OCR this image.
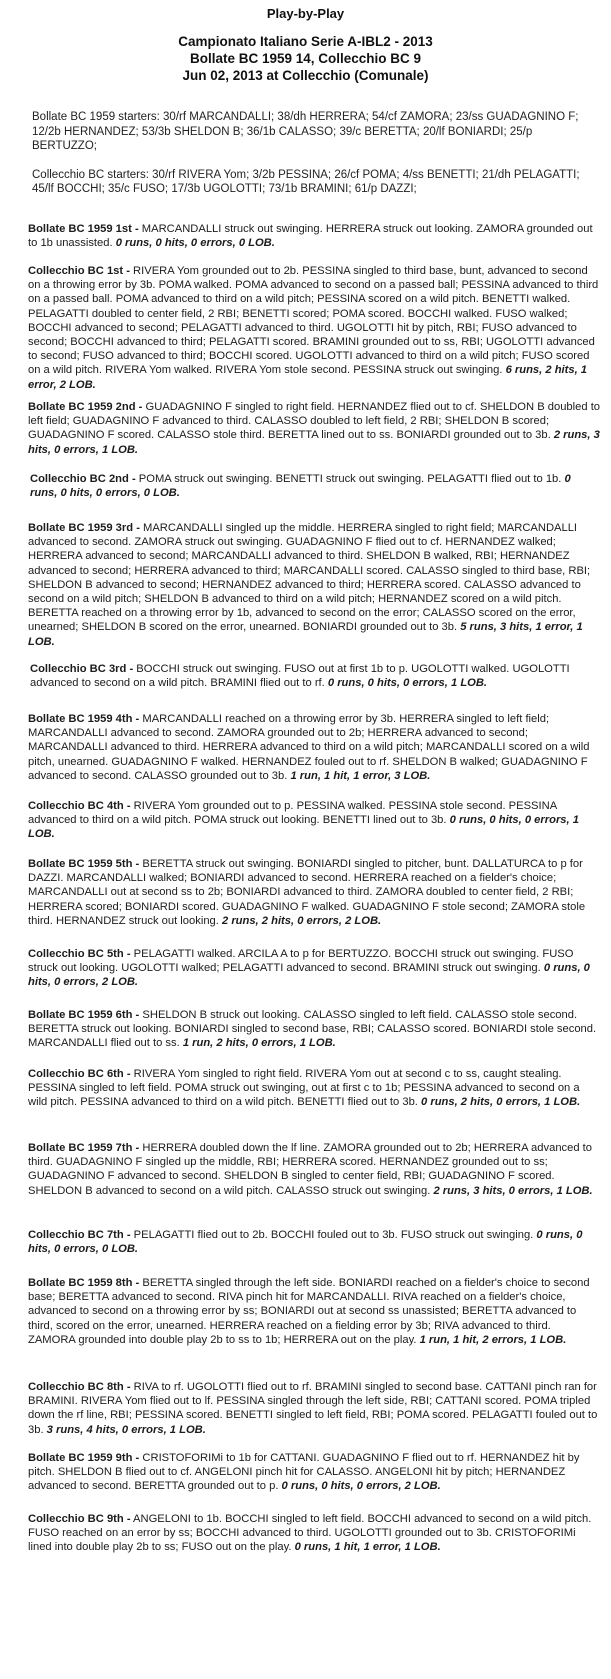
Play-by-Play
Campionato Italiano Serie A-IBL2 - 2013
Bollate BC 1959 14, Collecchio BC 9
Jun 02, 2013 at Collecchio (Comunale)
Bollate BC 1959 starters: 30/rf MARCANDALLI; 38/dh HERRERA; 54/cf ZAMORA; 23/ss GUADAGNINO F; 12/2b HERNANDEZ; 53/3b SHELDON B; 36/1b CALASSO; 39/c BERETTA; 20/lf BONIARDI; 25/p BERTUZZO;
Collecchio BC starters: 30/rf RIVERA Yom; 3/2b PESSINA; 26/cf POMA; 4/ss BENETTI; 21/dh PELAGATTI; 45/lf BOCCHI; 35/c FUSO; 17/3b UGOLOTTI; 73/1b BRAMINI; 61/p DAZZI;
Bollate BC 1959 1st - MARCANDALLI struck out swinging. HERRERA struck out looking. ZAMORA grounded out to 1b unassisted. 0 runs, 0 hits, 0 errors, 0 LOB.
Collecchio BC 1st - RIVERA Yom grounded out to 2b. PESSINA singled to third base, bunt, advanced to second on a throwing error by 3b. POMA walked. POMA advanced to second on a passed ball; PESSINA advanced to third on a passed ball. POMA advanced to third on a wild pitch; PESSINA scored on a wild pitch. BENETTI walked. PELAGATTI doubled to center field, 2 RBI; BENETTI scored; POMA scored. BOCCHI walked. FUSO walked; BOCCHI advanced to second; PELAGATTI advanced to third. UGOLOTTI hit by pitch, RBI; FUSO advanced to second; BOCCHI advanced to third; PELAGATTI scored. BRAMINI grounded out to ss, RBI; UGOLOTTI advanced to second; FUSO advanced to third; BOCCHI scored. UGOLOTTI advanced to third on a wild pitch; FUSO scored on a wild pitch. RIVERA Yom walked. RIVERA Yom stole second. PESSINA struck out swinging. 6 runs, 2 hits, 1 error, 2 LOB.
Bollate BC 1959 2nd - GUADAGNINO F singled to right field. HERNANDEZ flied out to cf. SHELDON B doubled to left field; GUADAGNINO F advanced to third. CALASSO doubled to left field, 2 RBI; SHELDON B scored; GUADAGNINO F scored. CALASSO stole third. BERETTA lined out to ss. BONIARDI grounded out to 3b. 2 runs, 3 hits, 0 errors, 1 LOB.
Collecchio BC 2nd - POMA struck out swinging. BENETTI struck out swinging. PELAGATTI flied out to 1b. 0 runs, 0 hits, 0 errors, 0 LOB.
Bollate BC 1959 3rd - MARCANDALLI singled up the middle. HERRERA singled to right field; MARCANDALLI advanced to second. ZAMORA struck out swinging. GUADAGNINO F flied out to cf. HERNANDEZ walked; HERRERA advanced to second; MARCANDALLI advanced to third. SHELDON B walked, RBI; HERNANDEZ advanced to second; HERRERA advanced to third; MARCANDALLI scored. CALASSO singled to third base, RBI; SHELDON B advanced to second; HERNANDEZ advanced to third; HERRERA scored. CALASSO advanced to second on a wild pitch; SHELDON B advanced to third on a wild pitch; HERNANDEZ scored on a wild pitch. BERETTA reached on a throwing error by 1b, advanced to second on the error; CALASSO scored on the error, unearned; SHELDON B scored on the error, unearned. BONIARDI grounded out to 3b. 5 runs, 3 hits, 1 error, 1 LOB.
Collecchio BC 3rd - BOCCHI struck out swinging. FUSO out at first 1b to p. UGOLOTTI walked. UGOLOTTI advanced to second on a wild pitch. BRAMINI flied out to rf. 0 runs, 0 hits, 0 errors, 1 LOB.
Bollate BC 1959 4th - MARCANDALLI reached on a throwing error by 3b. HERRERA singled to left field; MARCANDALLI advanced to second. ZAMORA grounded out to 2b; HERRERA advanced to second; MARCANDALLI advanced to third. HERRERA advanced to third on a wild pitch; MARCANDALLI scored on a wild pitch, unearned. GUADAGNINO F walked. HERNANDEZ fouled out to rf. SHELDON B walked; GUADAGNINO F advanced to second. CALASSO grounded out to 3b. 1 run, 1 hit, 1 error, 3 LOB.
Collecchio BC 4th - RIVERA Yom grounded out to p. PESSINA walked. PESSINA stole second. PESSINA advanced to third on a wild pitch. POMA struck out looking. BENETTI lined out to 3b. 0 runs, 0 hits, 0 errors, 1 LOB.
Bollate BC 1959 5th - BERETTA struck out swinging. BONIARDI singled to pitcher, bunt. DALLATURCA to p for DAZZI. MARCANDALLI walked; BONIARDI advanced to second. HERRERA reached on a fielder's choice; MARCANDALLI out at second ss to 2b; BONIARDI advanced to third. ZAMORA doubled to center field, 2 RBI; HERRERA scored; BONIARDI scored. GUADAGNINO F walked. GUADAGNINO F stole second; ZAMORA stole third. HERNANDEZ struck out looking. 2 runs, 2 hits, 0 errors, 2 LOB.
Collecchio BC 5th - PELAGATTI walked. ARCILA A to p for BERTUZZO. BOCCHI struck out swinging. FUSO struck out looking. UGOLOTTI walked; PELAGATTI advanced to second. BRAMINI struck out swinging. 0 runs, 0 hits, 0 errors, 2 LOB.
Bollate BC 1959 6th - SHELDON B struck out looking. CALASSO singled to left field. CALASSO stole second. BERETTA struck out looking. BONIARDI singled to second base, RBI; CALASSO scored. BONIARDI stole second. MARCANDALLI flied out to ss. 1 run, 2 hits, 0 errors, 1 LOB.
Collecchio BC 6th - RIVERA Yom singled to right field. RIVERA Yom out at second c to ss, caught stealing. PESSINA singled to left field. POMA struck out swinging, out at first c to 1b; PESSINA advanced to second on a wild pitch. PESSINA advanced to third on a wild pitch. BENETTI flied out to 3b. 0 runs, 2 hits, 0 errors, 1 LOB.
Bollate BC 1959 7th - HERRERA doubled down the lf line. ZAMORA grounded out to 2b; HERRERA advanced to third. GUADAGNINO F singled up the middle, RBI; HERRERA scored. HERNANDEZ grounded out to ss; GUADAGNINO F advanced to second. SHELDON B singled to center field, RBI; GUADAGNINO F scored. SHELDON B advanced to second on a wild pitch. CALASSO struck out swinging. 2 runs, 3 hits, 0 errors, 1 LOB.
Collecchio BC 7th - PELAGATTI flied out to 2b. BOCCHI fouled out to 3b. FUSO struck out swinging. 0 runs, 0 hits, 0 errors, 0 LOB.
Bollate BC 1959 8th - BERETTA singled through the left side. BONIARDI reached on a fielder's choice to second base; BERETTA advanced to second. RIVA pinch hit for MARCANDALLI. RIVA reached on a fielder's choice, advanced to second on a throwing error by ss; BONIARDI out at second ss unassisted; BERETTA advanced to third, scored on the error, unearned. HERRERA reached on a fielding error by 3b; RIVA advanced to third. ZAMORA grounded into double play 2b to ss to 1b; HERRERA out on the play. 1 run, 1 hit, 2 errors, 1 LOB.
Collecchio BC 8th - RIVA to rf. UGOLOTTI flied out to rf. BRAMINI singled to second base. CATTANI pinch ran for BRAMINI. RIVERA Yom flied out to lf. PESSINA singled through the left side, RBI; CATTANI scored. POMA tripled down the rf line, RBI; PESSINA scored. BENETTI singled to left field, RBI; POMA scored. PELAGATTI fouled out to 3b. 3 runs, 4 hits, 0 errors, 1 LOB.
Bollate BC 1959 9th - CRISTOFORIMi to 1b for CATTANI. GUADAGNINO F flied out to rf. HERNANDEZ hit by pitch. SHELDON B flied out to cf. ANGELONI pinch hit for CALASSO. ANGELONI hit by pitch; HERNANDEZ advanced to second. BERETTA grounded out to p. 0 runs, 0 hits, 0 errors, 2 LOB.
Collecchio BC 9th - ANGELONI to 1b. BOCCHI singled to left field. BOCCHI advanced to second on a wild pitch. FUSO reached on an error by ss; BOCCHI advanced to third. UGOLOTTI grounded out to 3b. CRISTOFORIMi lined into double play 2b to ss; FUSO out on the play. 0 runs, 1 hit, 1 error, 1 LOB.
